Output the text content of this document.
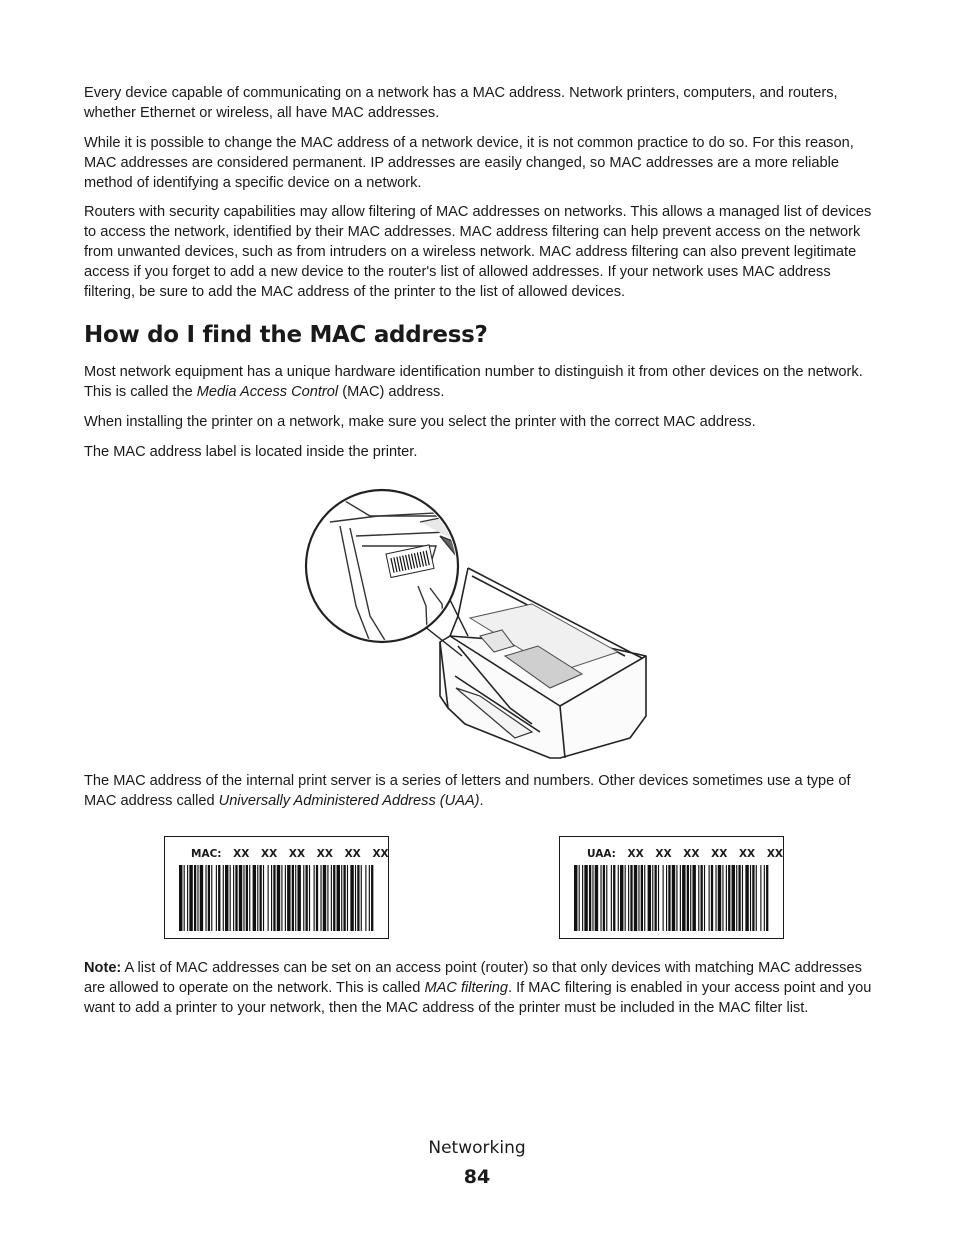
Every device capable of communicating on a network has a MAC address. Network printers, computers, and routers, whether Ethernet or wireless, all have MAC addresses.

While it is possible to change the MAC address of a network device, it is not common practice to do so. For this reason, MAC addresses are considered permanent. IP addresses are easily changed, so MAC addresses are a more reliable method of identifying a specific device on a network.

Routers with security capabilities may allow filtering of MAC addresses on networks. This allows a managed list of devices to access the network, identified by their MAC addresses. MAC address filtering can help prevent access on the network from unwanted devices, such as from intruders on a wireless network. MAC address filtering can also prevent legitimate access if you forget to add a new device to the router's list of allowed addresses. If your network uses MAC address filtering, be sure to add the MAC address of the printer to the list of allowed devices.

How do I find the MAC address?

Most network equipment has a unique hardware identification number to distinguish it from other devices on the network. This is called the Media Access Control (MAC) address.

When installing the printer on a network, make sure you select the printer with the correct MAC address.

The MAC address label is located inside the printer.

The MAC address of the internal print server is a series of letters and numbers. Other devices sometimes use a type of MAC address called Universally Administered Address (UAA).

MAC: XX XX XX XX XX XX	UAA: XX XX XX XX XX XX

Note: A list of MAC addresses can be set on an access point (router) so that only devices with matching MAC addresses are allowed to operate on the network. This is called MAC filtering. If MAC filtering is enabled in your access point and you want to add a printer to your network, then the MAC address of the printer must be included in the MAC filter list.

Networking

84
